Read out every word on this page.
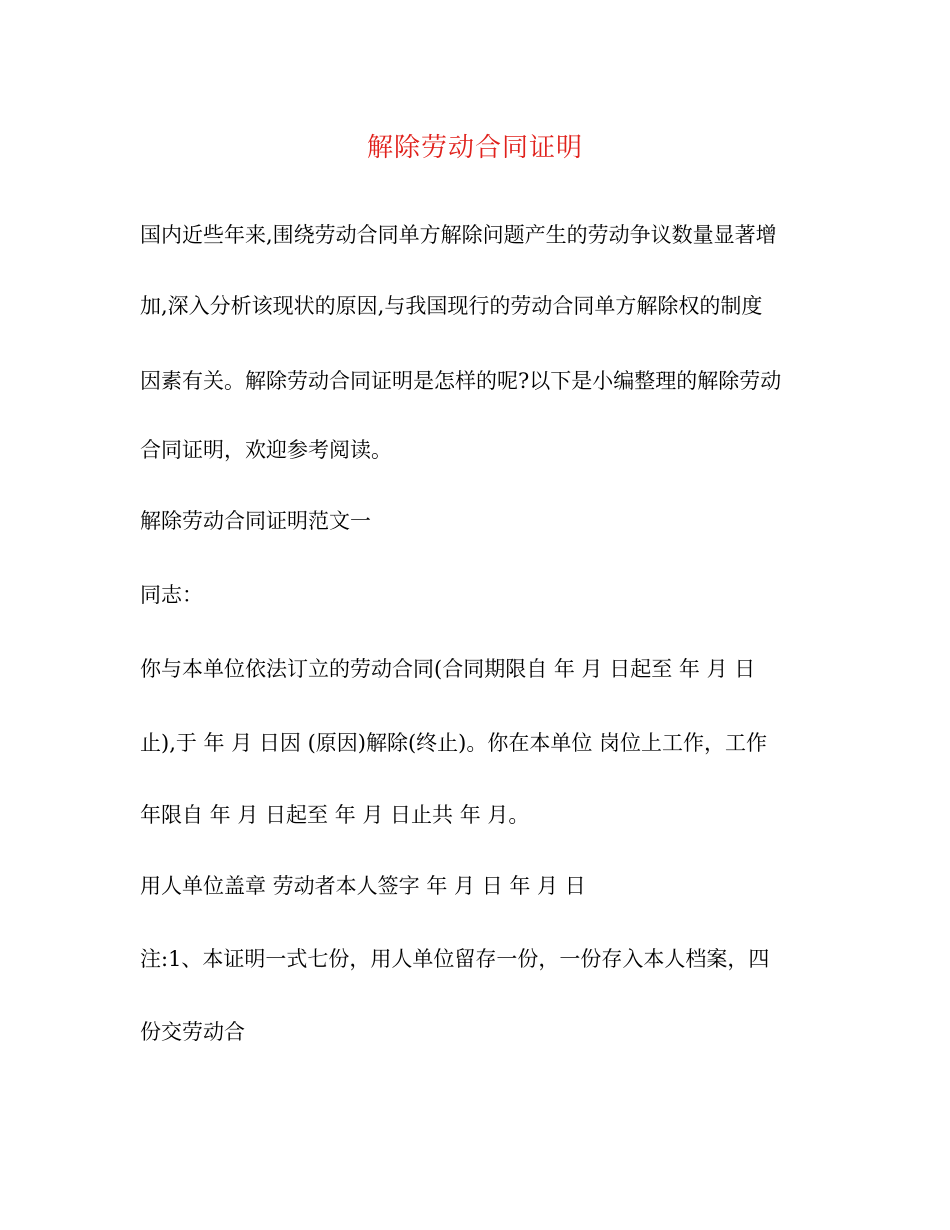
解除劳动合同证明
国内近些年来,围绕劳动合同单方解除问题产生的劳动争议数量显著增
加,深入分析该现状的原因,与我国现行的劳动合同单方解除权的制度
因素有关。解除劳动合同证明是怎样的呢?以下是小编整理的解除劳动
合同证明，欢迎参考阅读。
解除劳动合同证明范文一
同志：
你与本单位依法订立的劳动合同(合同期限自 年 月 日起至 年 月 日
止),于 年 月 日因 (原因)解除(终止)。你在本单位 岗位上工作，工作
年限自 年 月 日起至 年 月 日止共 年 月。
用人单位盖章 劳动者本人签字 年 月 日 年 月 日
注:1、本证明一式七份，用人单位留存一份，一份存入本人档案，四
份交劳动合
